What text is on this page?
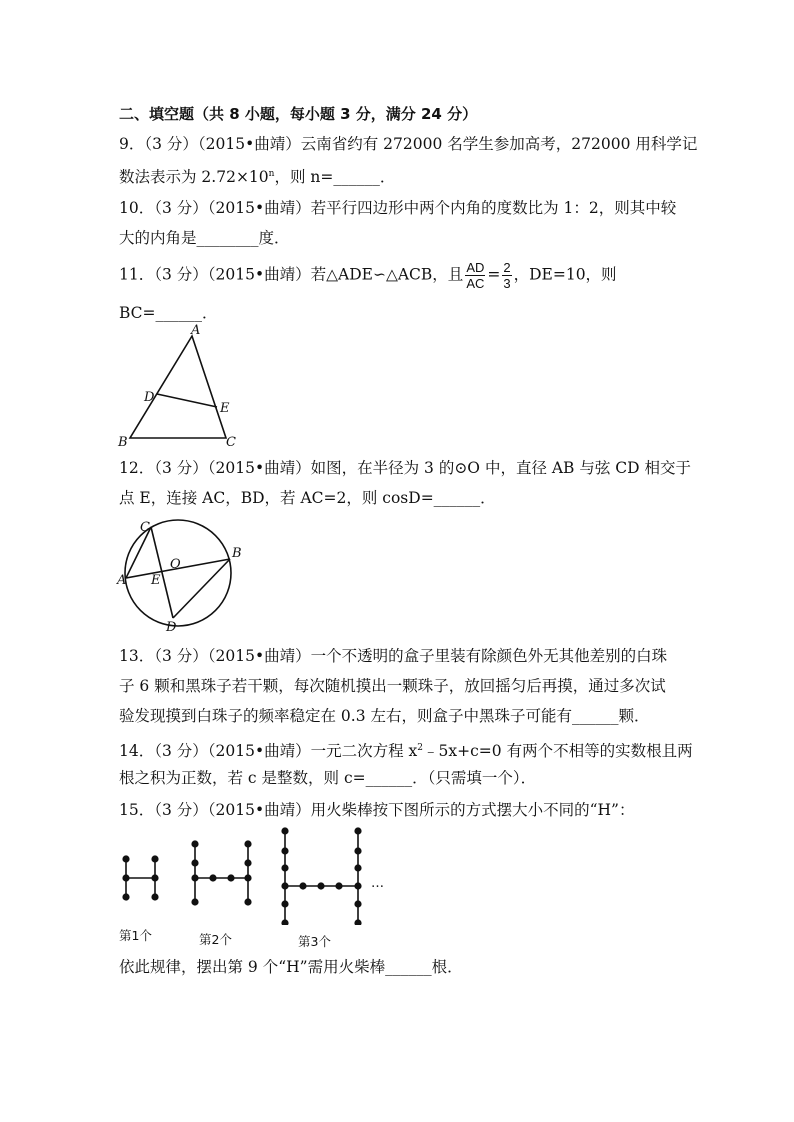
二、填空题（共 8 小题，每小题 3 分，满分 24 分）
9．（3 分）（2015•曲靖）云南省约有 272000 名学生参加高考，272000 用科学记
数法表示为 $2.72\times 10^n$，则 n=______．
10．（3 分）（2015•曲靖）若平行四边形中两个内角的度数比为 1：2，则其中较
大的内角是________度．
11．（3 分）（2015•曲靖）若△ADE∽△ACB，且 $\frac{AD}{AC} = \frac{2}{3}$ ，DE=10，则
BC=______．
A
D
E
B	C
12．（3 分）（2015•曲靖）如图，在半径为 3 的⊙O 中，直径 AB 与弦 CD 相交于
点 E，连接 AC，BD，若 AC=2，则 cosD=______．
C
B
A E
O
D
13．（3 分）（2015•曲靖）一个不透明的盒子里装有除颜色外无其他差别的白珠
子 6 颗和黑珠子若干颗，每次随机摸出一颗珠子，放回摇匀后再摸，通过多次试
验发现摸到白珠子的频率稳定在 0.3 左右，则盒子中黑珠子可能有______颗．
14．（3 分）（2015•曲靖）一元二次方程 $x^2﹣5x+c=0$ 有两个不相等的实数根且两
根之积为正数，若 c 是整数，则 c=______．（只需填一个）．
15．（3 分）（2015•曲靖）用火柴棒按下图所示的方式摆大小不同的“H”：
…
第1个	第2个	第3个
依此规律，摆出第 9 个“H”需用火柴棒______根．
